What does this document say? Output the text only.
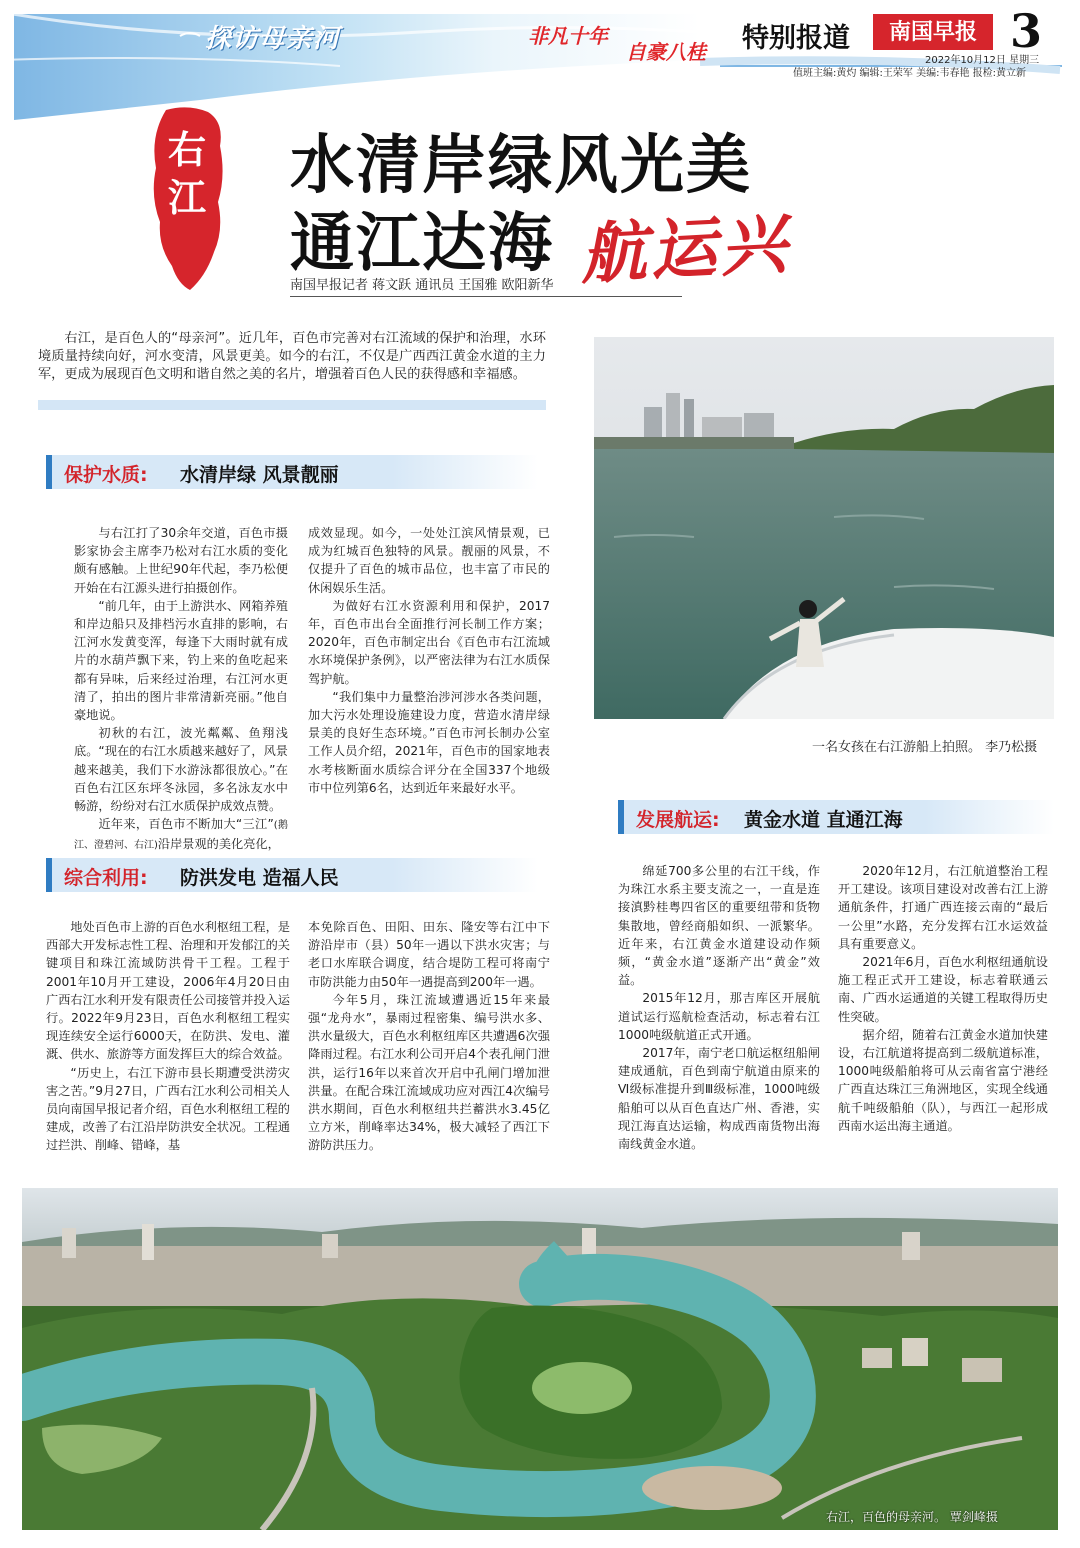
探访母亲河	非凡十年
自豪八桂 特别报道	南国早报 3
2022年10月12日 星期三
值班主编:黄灼 编辑:王荣军 美编:韦春艳 报检:黄立新
右
江	水清岸绿风光美
通江达海 航运兴
南国早报记者 蒋文跃 通讯员 王国雅 欧阳新华
右江，是百色人的“母亲河”。近几年，百色市完善对右江流域的保护和治理，水环境质量持续向好，河水变清，风景更美。如今的右江，不仅是广西西江黄金水道的主力军，更成为展现百色文明和谐自然之美的名片，增强着百色人民的获得感和幸福感。
保护水质: 水清岸绿 风景靓丽

与右江打了30余年交道，百色市摄影家协会主席李乃松对右江水质的变化颇有感触。上世纪90年代起，李乃松便开始在右江源头进行拍摄创作。

“前几年，由于上游洪水、网箱养殖和岸边船只及排档污水直排的影响，右江河水发黄变浑，每逢下大雨时就有成片的水葫芦飘下来，钓上来的鱼吃起来都有异味，后来经过治理，右江河水更清了，拍出的图片非常清新亮丽。”他自豪地说。

初秋的右江，波光粼粼、鱼翔浅底。“现在的右江水质越来越好了，风景越来越美，我们下水游泳都很放心。”在百色右江区东坪冬泳园，多名泳友水中畅游，纷纷对右江水质保护成效点赞。

近年来，百色市不断加大“三江”(鹅江、澄碧河、右江)沿岸景观的美化亮化，

成效显现。如今，一处处江滨风情景观，已成为红城百色独特的风景。靓丽的风景，不仅提升了百色的城市品位，也丰富了市民的休闲娱乐生活。

为做好右江水资源利用和保护，2017年，百色市出台全面推行河长制工作方案；2020年，百色市制定出台《百色市右江流域水环境保护条例》，以严密法律为右江水质保驾护航。

“我们集中力量整治涉河涉水各类问题，加大污水处理设施建设力度，营造水清岸绿景美的良好生态环境。”百色市河长制办公室工作人员介绍，2021年，百色市的国家地表水考核断面水质综合评分在全国337个地级市中位列第6名，达到近年来最好水平。

一名女孩在右江游船上拍照。 李乃松摄
综合利用: 防洪发电 造福人民

地处百色市上游的百色水利枢纽工程，是西部大开发标志性工程、治理和开发郁江的关键项目和珠江流域防洪骨干工程。工程于2001年10月开工建设，2006年4月20日由广西右江水利开发有限责任公司接管并投入运行。2022年9月23日，百色水利枢纽工程实现连续安全运行6000天，在防洪、发电、灌溉、供水、旅游等方面发挥巨大的综合效益。

“历史上，右江下游市县长期遭受洪涝灾害之苦。”9月27日，广西右江水利公司相关人员向南国早报记者介绍，百色水利枢纽工程的建成，改善了右江沿岸防洪安全状况。工程通过拦洪、削峰、错峰，基

本免除百色、田阳、田东、隆安等右江中下游沿岸市（县）50年一遇以下洪水灾害；与老口水库联合调度，结合堤防工程可将南宁市防洪能力由50年一遇提高到200年一遇。

今年5月，珠江流域遭遇近15年来最强“龙舟水”，暴雨过程密集、编号洪水多、洪水量级大，百色水利枢纽库区共遭遇6次强降雨过程。右江水利公司开启4个表孔闸门泄洪，运行16年以来首次开启中孔闸门增加泄洪量。在配合珠江流域成功应对西江4次编号洪水期间，百色水利枢纽共拦蓄洪水3.45亿立方米，削峰率达34%，极大减轻了西江下游防洪压力。

发展航运: 黄金水道 直通江海

绵延700多公里的右江干线，作为珠江水系主要支流之一，一直是连接滇黔桂粤四省区的重要纽带和货物集散地，曾经商船如织、一派繁华。近年来，右江黄金水道建设动作频频，“黄金水道”逐渐产出“黄金”效益。

2015年12月，那吉库区开展航道试运行巡航检查活动，标志着右江1000吨级航道正式开通。

2017年，南宁老口航运枢纽船闸建成通航，百色到南宁航道由原来的Ⅵ级标准提升到Ⅲ级标准，1000吨级船舶可以从百色直达广州、香港，实现江海直达运输，构成西南货物出海南线黄金水道。

2020年12月，右江航道整治工程开工建设。该项目建设对改善右江上游通航条件，打通广西连接云南的“最后一公里”水路，充分发挥右江水运效益具有重要意义。

2021年6月，百色水利枢纽通航设施工程正式开工建设，标志着联通云南、广西水运通道的关键工程取得历史性突破。

据介绍，随着右江黄金水道加快建设，右江航道将提高到二级航道标准，1000吨级船舶将可从云南省富宁港经广西直达珠江三角洲地区，实现全线通航千吨级船舶（队），与西江一起形成西南水运出海主通道。

右江，百色的母亲河。 覃剑峰摄
